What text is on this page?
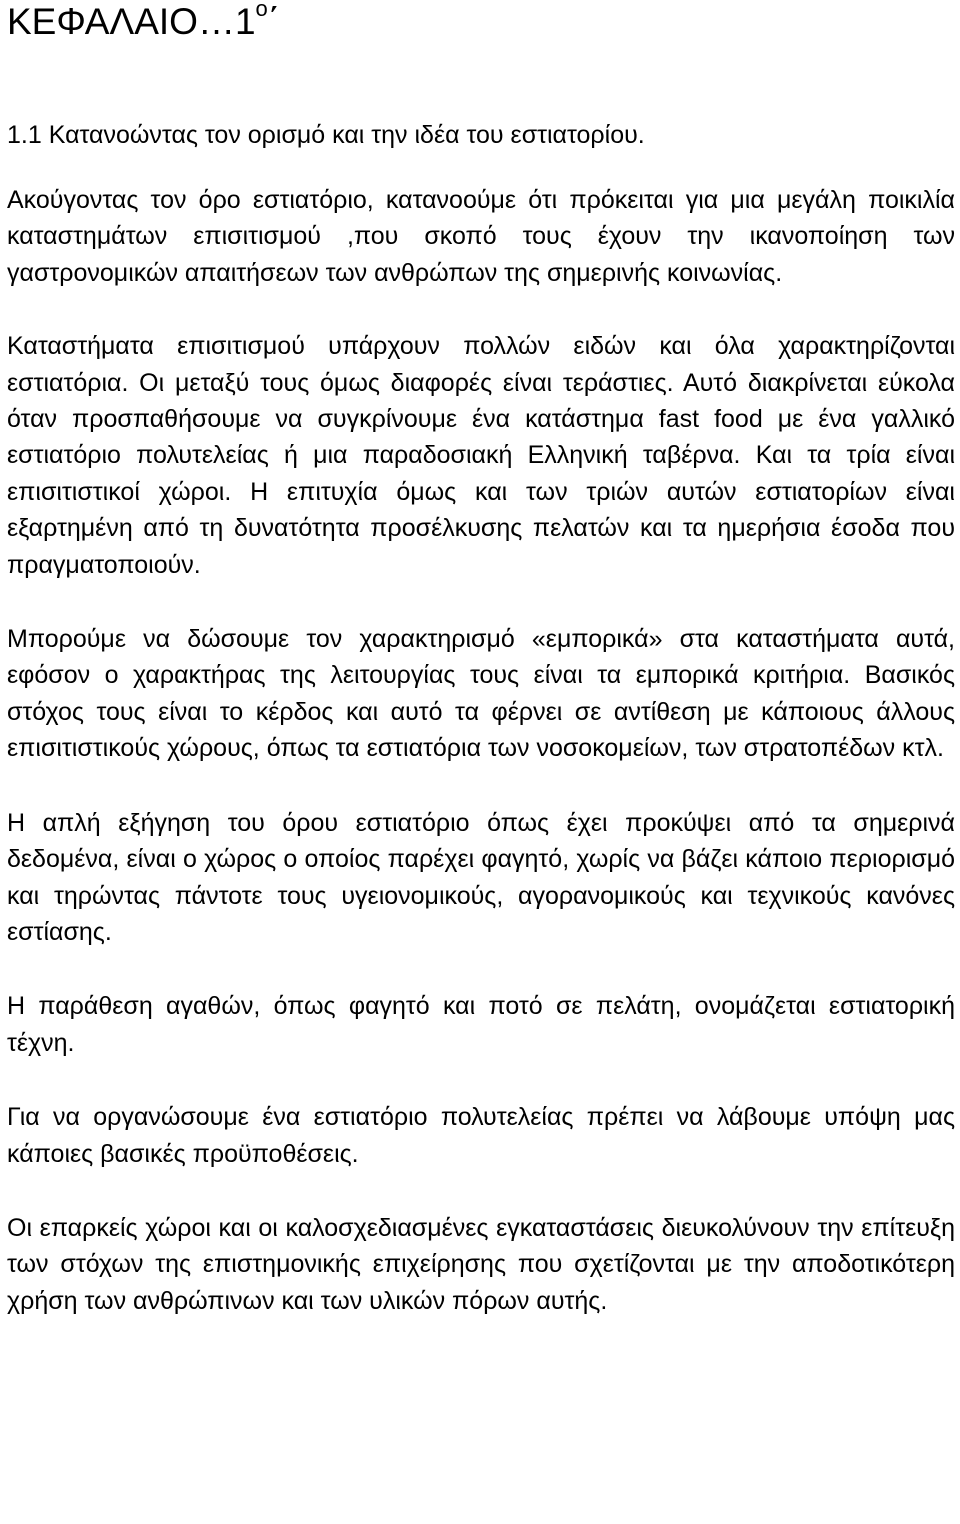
$KE\Phi A\Lambda AIO\dots 1^o΄$
1.1 Κατανοώντας τον ορισμό και την ιδέα του εστιατορίου.

Ακούγοντας τον όρο εστιατόριο, κατανοούμε ότι πρόκειται για μια μεγάλη ποικιλία καταστημάτων επισιτισμού ,που σκοπό τους έχουν την ικανοποίηση των γαστρονομικών απαιτήσεων των ανθρώπων της σημερινής κοινωνίας.

Καταστήματα επισιτισμού υπάρχουν πολλών ειδών και όλα χαρακτηρίζονται εστιατόρια. Οι μεταξύ τους όμως διαφορές είναι τεράστιες. Αυτό διακρίνεται εύκολα όταν προσπαθήσουμε να συγκρίνουμε ένα κατάστημα fast food με ένα γαλλικό εστιατόριο πολυτελείας ή μια παραδοσιακή Ελληνική ταβέρνα. Και τα τρία είναι επισιτιστικοί χώροι. Η επιτυχία όμως και των τριών αυτών εστιατορίων είναι εξαρτημένη από τη δυνατότητα προσέλκυσης πελατών και τα ημερήσια έσοδα που πραγματοποιούν.

Μπορούμε να δώσουμε τον χαρακτηρισμό «εμπορικά» στα καταστήματα αυτά, εφόσον ο χαρακτήρας της λειτουργίας τους είναι τα εμπορικά κριτήρια. Βασικός στόχος τους είναι το κέρδος και αυτό τα φέρνει σε αντίθεση με κάποιους άλλους επισιτιστικούς χώρους, όπως τα εστιατόρια των νοσοκομείων, των στρατοπέδων κτλ.

Η απλή εξήγηση του όρου εστιατόριο όπως έχει προκύψει από τα σημερινά δεδομένα, είναι ο χώρος ο οποίος παρέχει φαγητό, χωρίς να βάζει κάποιο περιορισμό και τηρώντας πάντοτε τους υγειονομικούς, αγορανομικούς και τεχνικούς κανόνες εστίασης.

Η παράθεση αγαθών, όπως φαγητό και ποτό σε πελάτη, ονομάζεται εστιατορική τέχνη.

Για να οργανώσουμε ένα εστιατόριο πολυτελείας πρέπει να λάβουμε υπόψη μας κάποιες βασικές προϋποθέσεις.

Οι επαρκείς χώροι και οι καλοσχεδιασμένες εγκαταστάσεις διευκολύνουν την επίτευξη των στόχων της επιστημονικής επιχείρησης που σχετίζονται με την αποδοτικότερη χρήση των ανθρώπινων και των υλικών πόρων αυτής.
